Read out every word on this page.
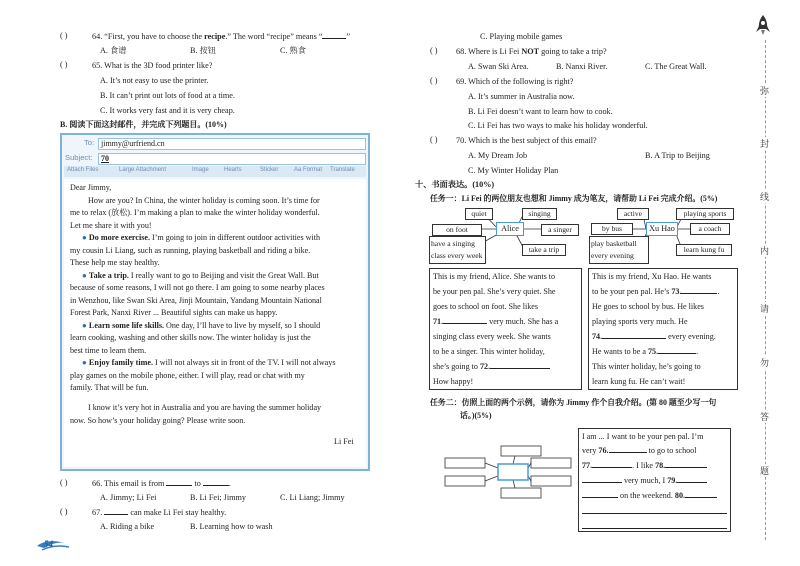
( )	64. “First, you have to choose the recipe.” The word “recipe” means “	”
A. 食谱	B. 按钮	C. 熟食
( )	65. What is the 3D food printer like?
A. It’s not easy to use the printer.
B. It can’t print out lots of food at a time.
C. It works very fast and it is very cheap.
B. 阅读下面这封邮件，并完成下列题目。(10%)
To: jimmy@urfriend.cn
Subject: 70
Attach Files	Large Attachment	Image	Hearts	Sticker	Aa Format Translate
Dear Jimmy,
How are you? In China, the winter holiday is coming soon. It’s time for
me to relax (放松). I’m making a plan to make the winter holiday wonderful.
Let me share it with you!
● Do more exercise. I’m going to join in different outdoor activities with
my cousin Li Liang, such as running, playing basketball and riding a bike.
These help me stay healthy.
● Take a trip. I really want to go to Beijing and visit the Great Wall. But
because of some reasons, I will not go there. I am going to some nearby places
in Wenzhou, like Swan Ski Area, Jinji Mountain, Yandang Mountain National
Forest Park, Nanxi River ... Beautiful sights can make us happy.
● Learn some life skills. One day, I’ll have to live by myself, so I should
learn cooking, washing and other skills now. The winter holiday is just the
best time to learn them.
● Enjoy family time. I will not always sit in front of the TV. I will not always
play games on the mobile phone, either. I will play, read or chat with my
family. That will be fun.
I know it’s very hot in Australia and you are having the summer holiday
now. So how’s your holiday going? Please write soon.
Li Fei
( )	66. This email is from	to	.
A. Jimmy; Li Fei	B. Li Fei; Jimmy	C. Li Liang; Jimmy
( )	67.	can make Li Fei stay healthy.
A. Riding a bike	B. Learning how to wash
54
C. Playing mobile games
( ) 68. Where is Li Fei NOT going to take a trip?
A. Swan Ski Area.	B. Nanxi River.	C. The Great Wall.
( ) 69. Which of the following is right?
A. It’s summer in Australia now.
B. Li Fei doesn’t want to learn how to cook.
C. Li Fei has two ways to make his holiday wonderful.
( ) 70. Which is the best subject of this email?
A. My Dream Job	B. A Trip to Beijing
C. My Winter Holiday Plan
十、书面表达。(10%)
任务一：Li Fei 的两位朋友也想和 Jimmy 成为笔友，请帮助 Li Fei 完成介绍。(5%)
quiet	singing
on foot	Alice	a singer
have a singing class every week
take a trip
active	playing sports
by bus	Xu Hao	a coach
play basketball every evening
learn kung fu
This is my friend, Alice. She wants to
be your pen pal. She’s very quiet. She
goes to school on foot. She likes
71.	very much. She has a
singing class every week. She wants
to be a singer. This winter holiday,
she’s going to 72.
How happy!
This is my friend, Xu Hao. He wants
to be your pen pal. He’s 73.	.
He goes to school by bus. He likes
playing sports very much. He
74.	every evening.
He wants to be a 75.	.
This winter holiday, he’s going to
learn kung fu. He can’t wait!
任务二：仿照上面的两个示例，请你为 Jimmy 作个自我介绍。(第 80 题至少写一句
话。)(5%)
I am ... I want to be your pen pal. I’m
very 76.	to go to school
77.	. I like 78.
very much, I 79.
on the weekend. 80.
弥
封
线
内
请
勿
答
题
